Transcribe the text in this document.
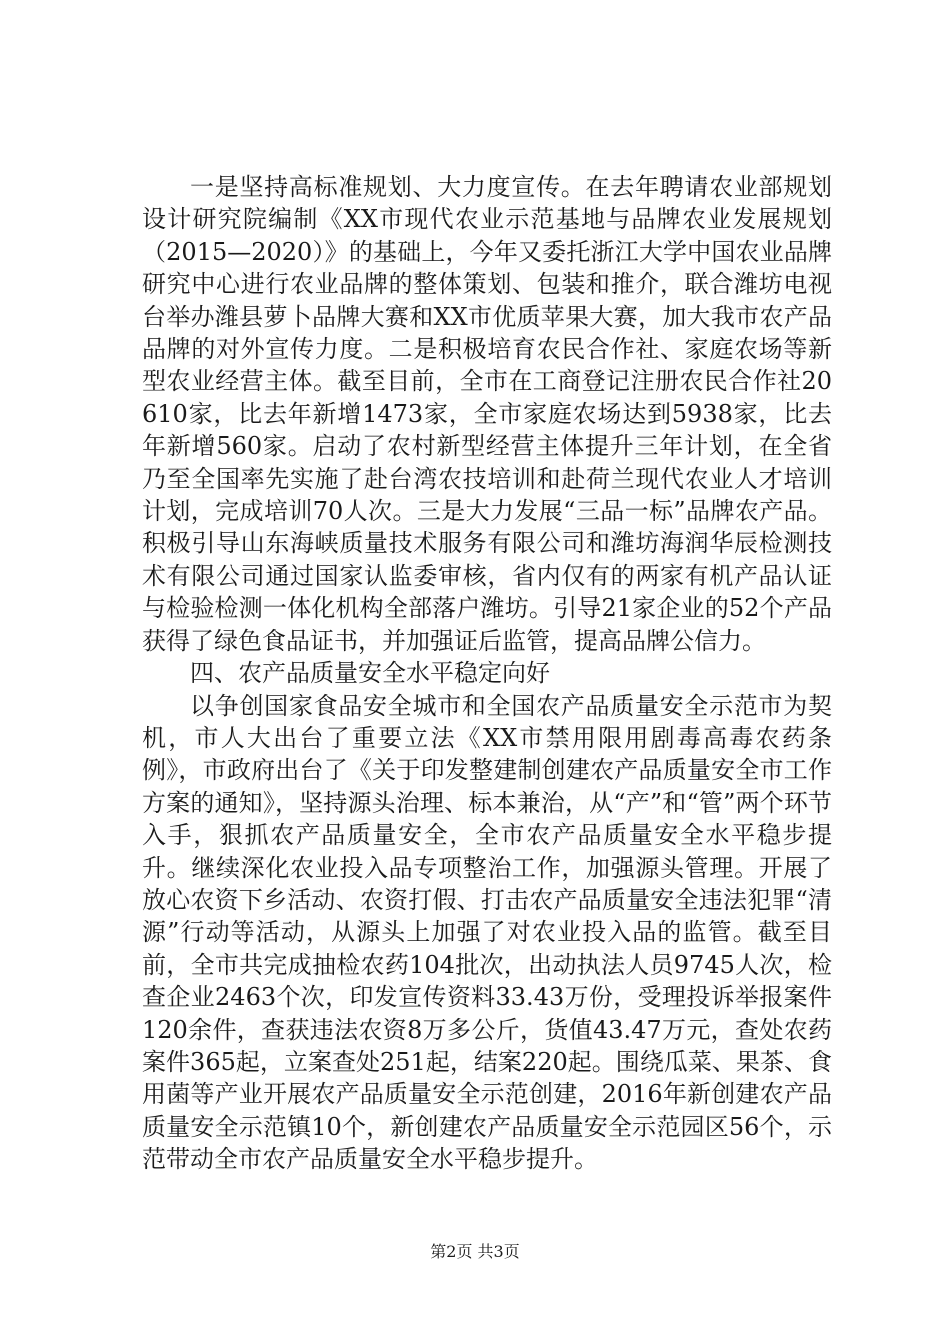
一是坚持高标准规划、大力度宣传。在去年聘请农业部规划设计研究院编制《XX市现代农业示范基地与品牌农业发展规划（2015—2020）》的基础上，今年又委托浙江大学中国农业品牌研究中心进行农业品牌的整体策划、包装和推介，联合潍坊电视台举办潍县萝卜品牌大赛和XX市优质苹果大赛，加大我市农产品品牌的对外宣传力度。二是积极培育农民合作社、家庭农场等新型农业经营主体。截至目前，全市在工商登记注册农民合作社20610家，比去年新增1473家，全市家庭农场达到5938家，比去年新增560家。启动了农村新型经营主体提升三年计划，在全省乃至全国率先实施了赴台湾农技培训和赴荷兰现代农业人才培训计划，完成培训70人次。三是大力发展“三品一标”品牌农产品。积极引导山东海峡质量技术服务有限公司和潍坊海润华辰检测技术有限公司通过国家认监委审核，省内仅有的两家有机产品认证与检验检测一体化机构全部落户潍坊。引导21家企业的52个产品获得了绿色食品证书，并加强证后监管，提高品牌公信力。

四、农产品质量安全水平稳定向好

以争创国家食品安全城市和全国农产品质量安全示范市为契机，市人大出台了重要立法《XX市禁用限用剧毒高毒农药条例》，市政府出台了《关于印发整建制创建农产品质量安全市工作方案的通知》，坚持源头治理、标本兼治，从“产”和“管”两个环节入手，狠抓农产品质量安全，全市农产品质量安全水平稳步提升。继续深化农业投入品专项整治工作，加强源头管理。开展了放心农资下乡活动、农资打假、打击农产品质量安全违法犯罪“清源”行动等活动，从源头上加强了对农业投入品的监管。截至目前，全市共完成抽检农药104批次，出动执法人员9745人次，检查企业2463个次，印发宣传资料33.43万份，受理投诉举报案件120余件，查获违法农资8万多公斤，货值43.47万元，查处农药案件365起，立案查处251起，结案220起。围绕瓜菜、果茶、食用菌等产业开展农产品质量安全示范创建，2016年新创建农产品质量安全示范镇10个，新创建农产品质量安全示范园区56个，示范带动全市农产品质量安全水平稳步提升。

第2页 共3页
